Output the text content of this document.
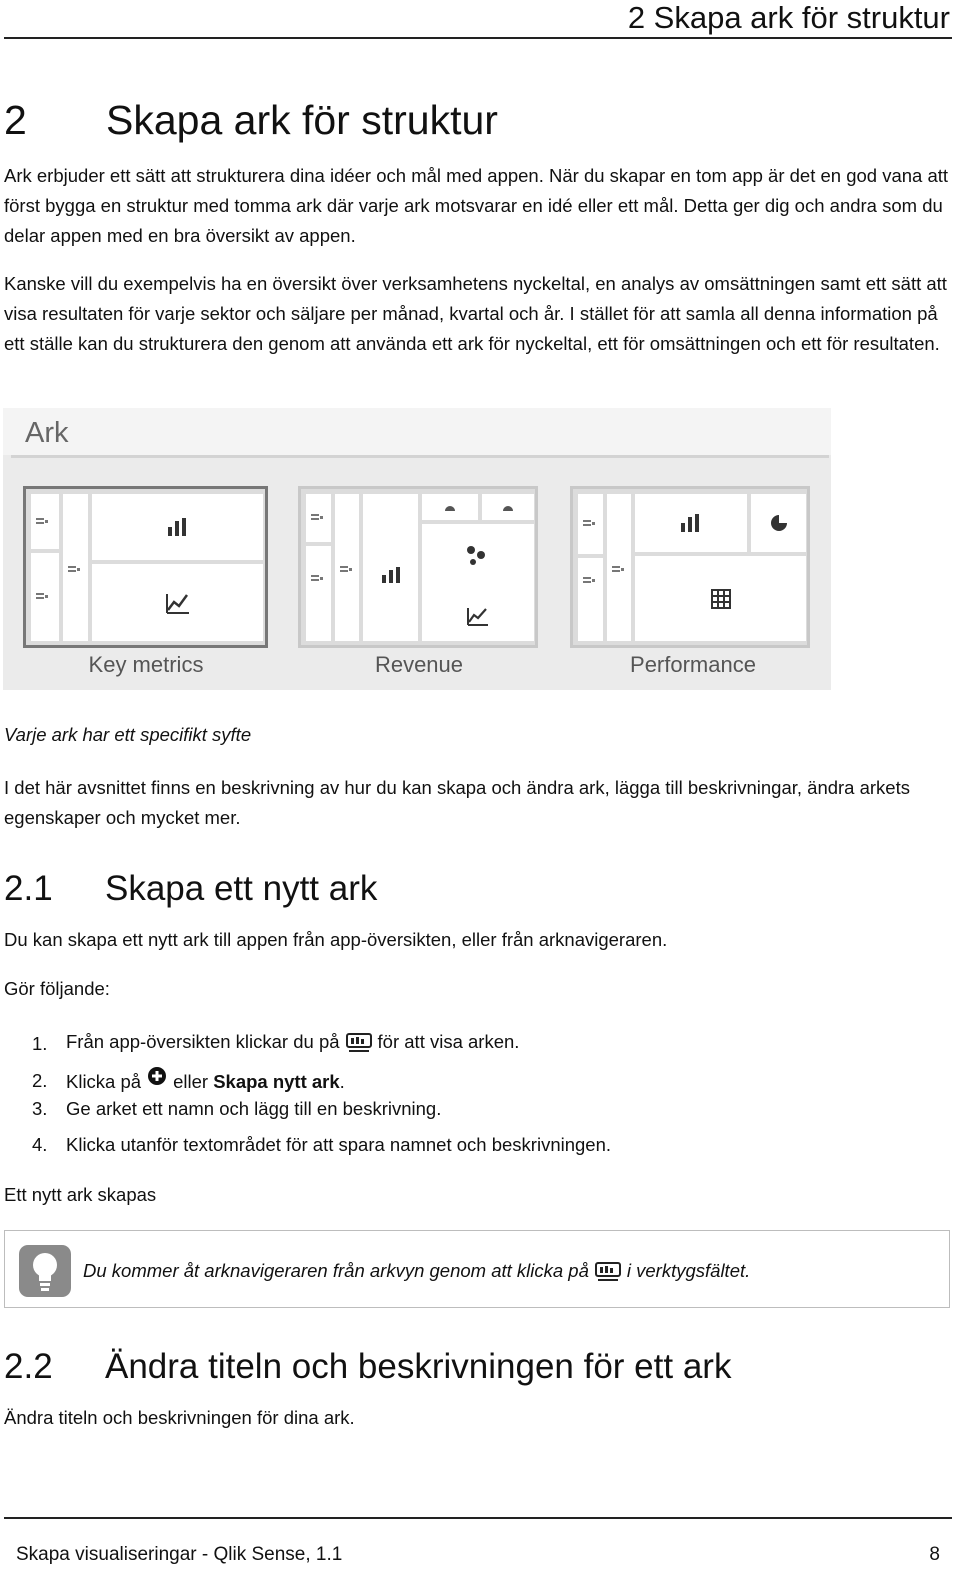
2 Skapa ark för struktur
2 Skapa ark för struktur
Ark erbjuder ett sätt att strukturera dina idéer och mål med appen. När du skapar en tom app är det en god vana att först bygga en struktur med tomma ark där varje ark motsvarar en idé eller ett mål. Detta ger dig och andra som du delar appen med en bra översikt av appen.
Kanske vill du exempelvis ha en översikt över verksamhetens nyckeltal, en analys av omsättningen samt ett sätt att visa resultaten för varje sektor och säljare per månad, kvartal och år. I stället för att samla all denna information på ett ställe kan du strukturera den genom att använda ett ark för nyckeltal, ett för omsättningen och ett för resultaten.
Ark
Key metrics	Revenue	Performance
Varje ark har ett specifikt syfte
I det här avsnittet finns en beskrivning av hur du kan skapa och ändra ark, lägga till beskrivningar, ändra arkets egenskaper och mycket mer.
2.1 Skapa ett nytt ark
Du kan skapa ett nytt ark till appen från app-översikten, eller från arknavigeraren.
Gör följande:
1. Från app-översikten klickar du på för att visa arken.
2. Klicka på eller Skapa nytt ark.
3. Ge arket ett namn och lägg till en beskrivning.
4. Klicka utanför textområdet för att spara namnet och beskrivningen.
Ett nytt ark skapas
Du kommer åt arknavigeraren från arkvyn genom att klicka på i verktygsfältet.
2.2 Ändra titeln och beskrivningen för ett ark
Ändra titeln och beskrivningen för dina ark.
Skapa visualiseringar - Qlik Sense, 1.1	8
